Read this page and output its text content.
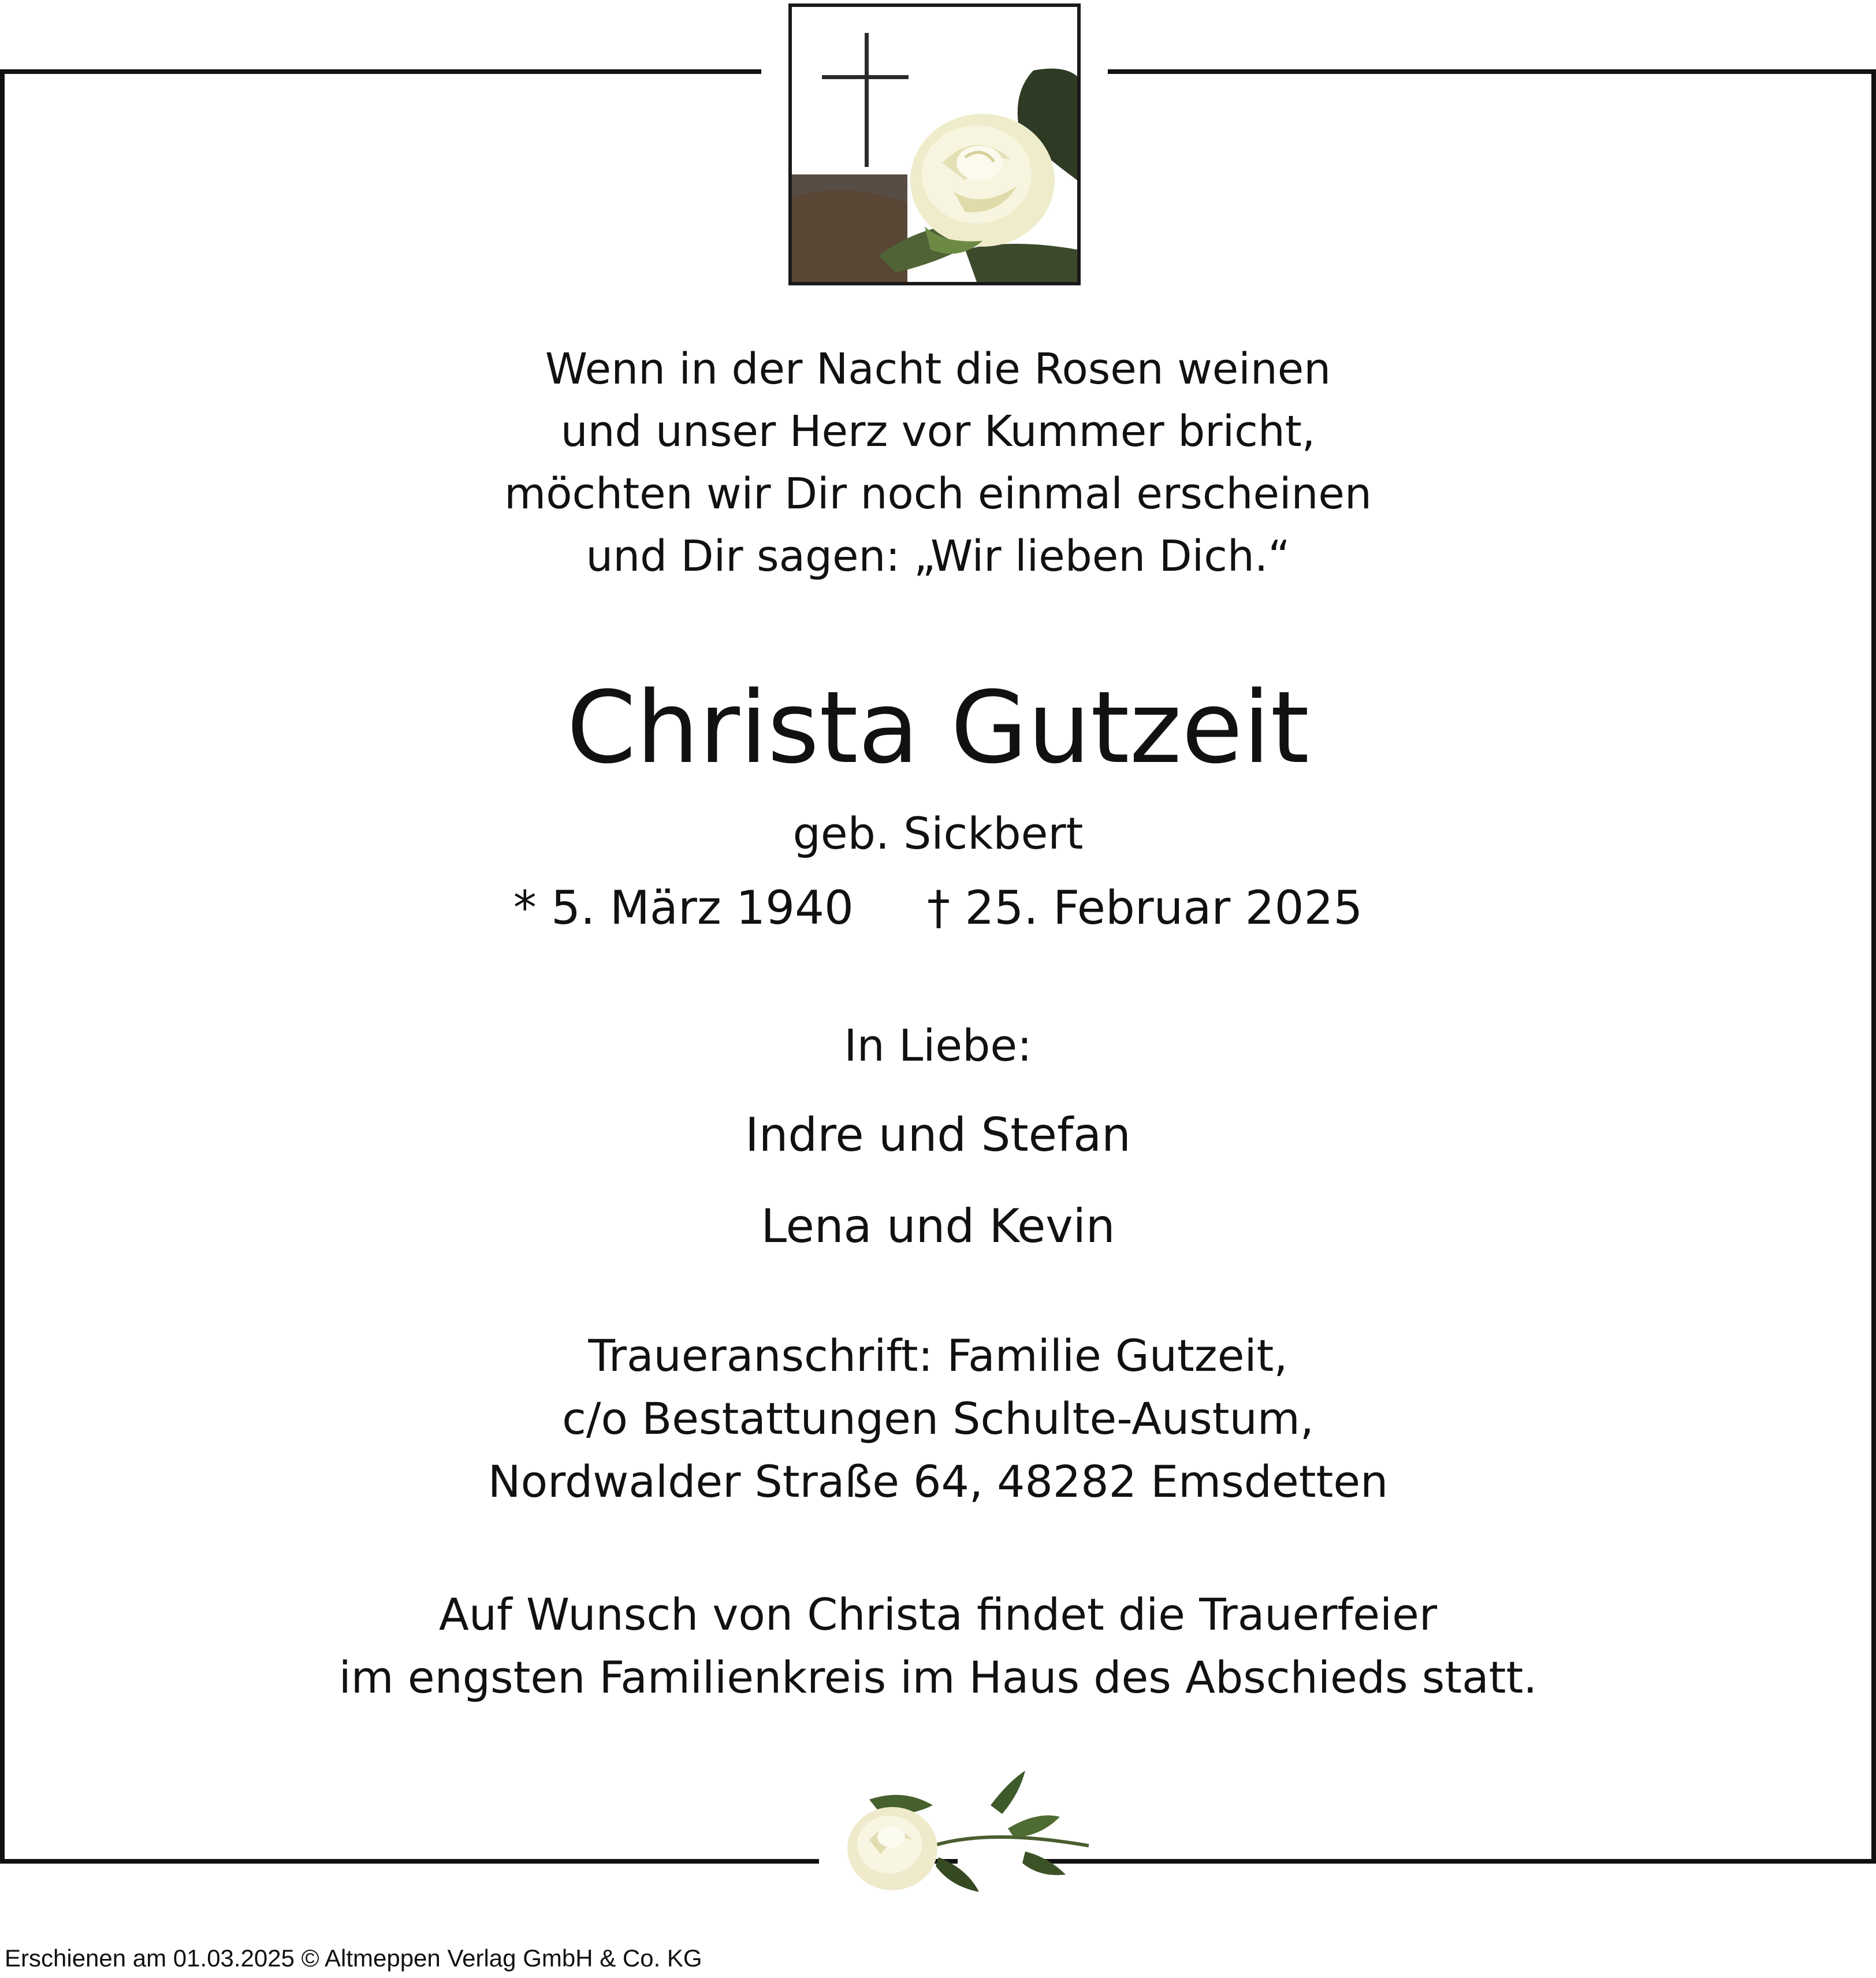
Wenn in der Nacht die Rosen weinen
und unser Herz vor Kummer bricht,
möchten wir Dir noch einmal erscheinen
und Dir sagen: „Wir lieben Dich.“
Christa Gutzeit
geb. Sickbert
* 5. März 1940     † 25. Februar 2025
In Liebe:
Indre und Stefan
Lena und Kevin
Traueranschrift: Familie Gutzeit,
c/o Bestattungen Schulte-Austum,
Nordwalder Straße 64, 48282 Emsdetten
Auf Wunsch von Christa findet die Trauerfeier
im engsten Familienkreis im Haus des Abschieds statt.
Erschienen am 01.03.2025 © Altmeppen Verlag GmbH & Co. KG
